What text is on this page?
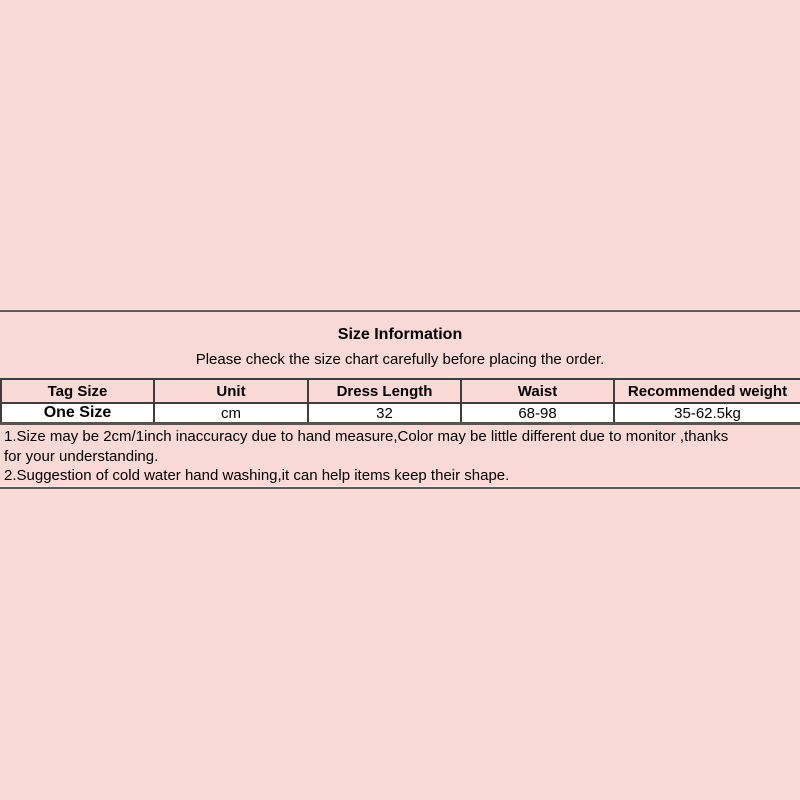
Size Information
Please check the size chart carefully before placing the order.
Tag Size	Unit	Dress Length	Waist	Recommended weight
One Size	cm	32	68-98	35-62.5kg
1.Size may be 2cm/1inch inaccuracy due to hand measure,Color may be little different due to monitor ,thanks
for your understanding.
2.Suggestion of cold water hand washing,it can help items keep their shape.
